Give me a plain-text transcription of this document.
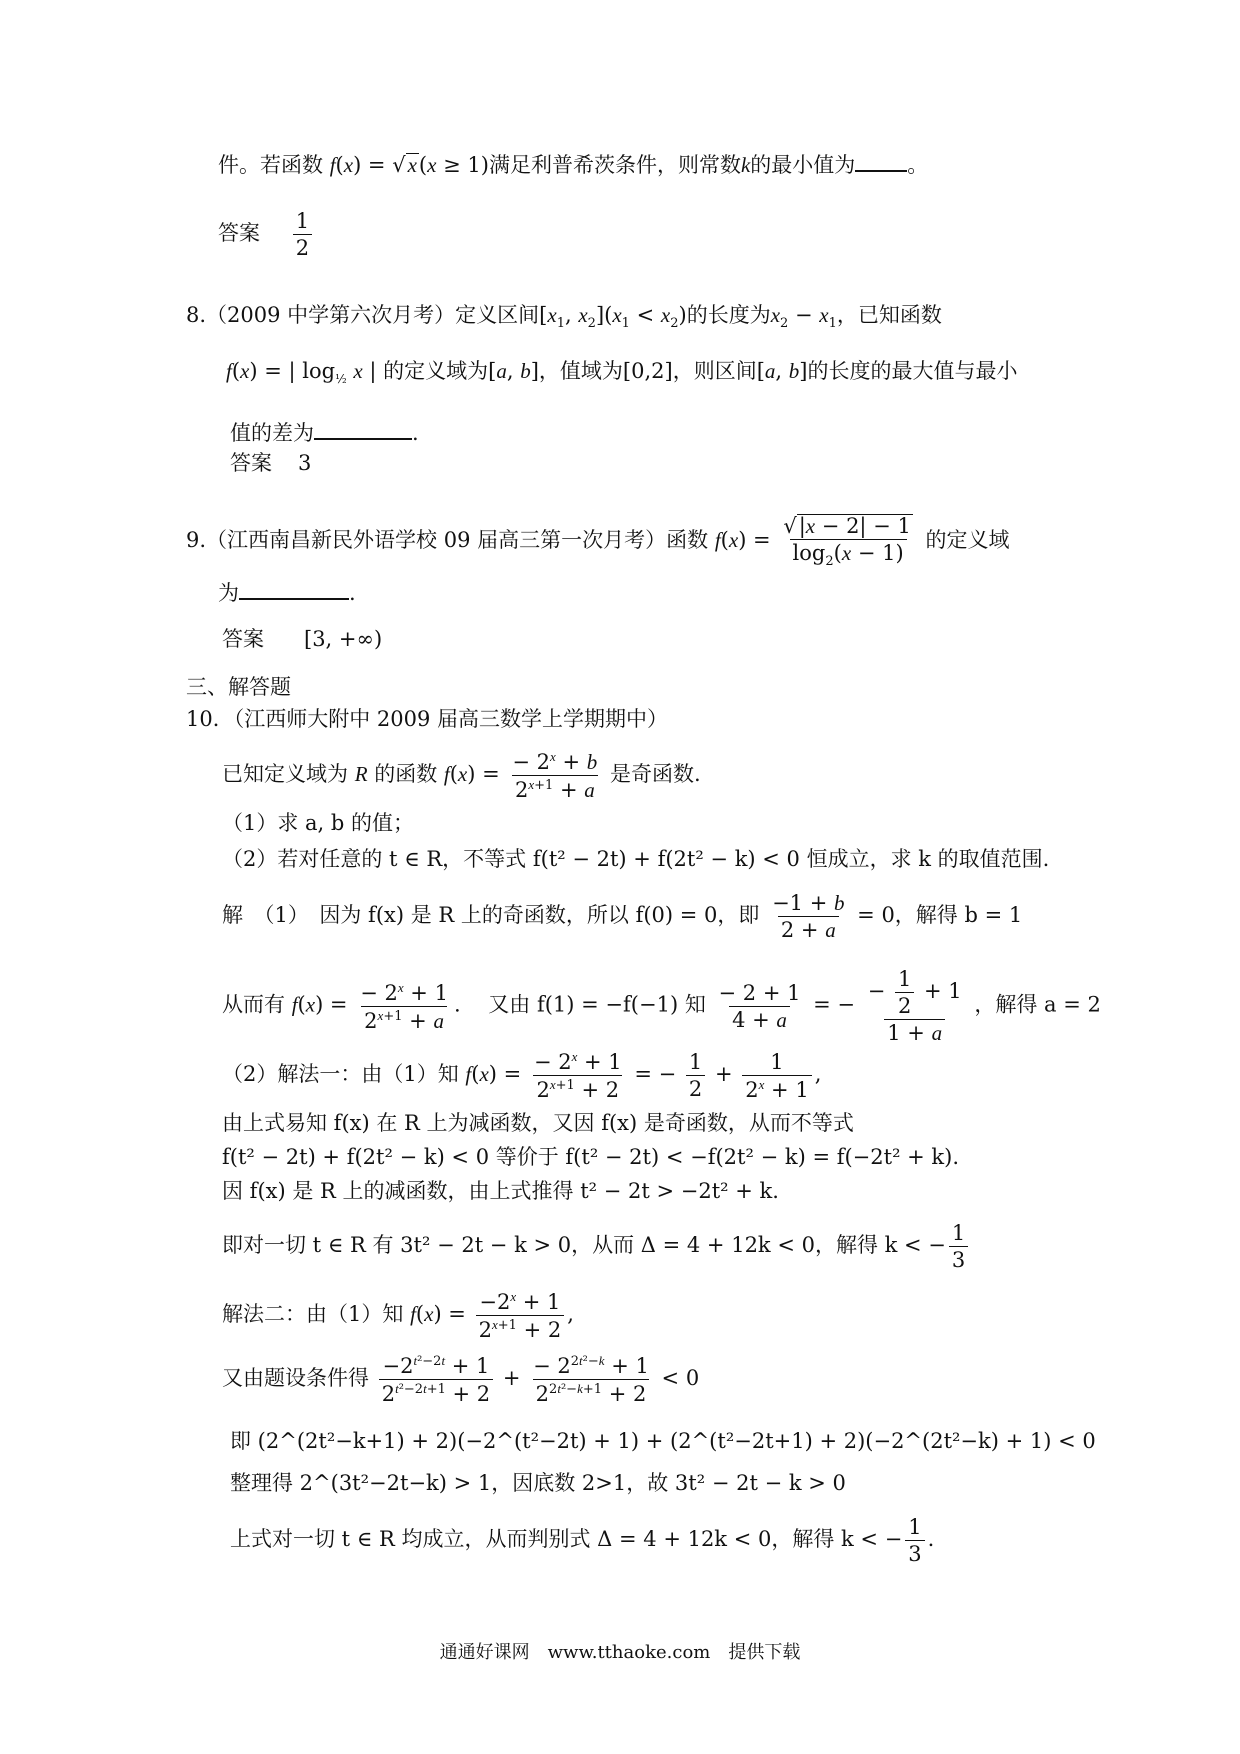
件。若函数 f(x) = √x(x ≥ 1)满足利普希茨条件，则常数k的最小值为 。
答案 $\frac{1}{2}$
8.（2009 中学第六次月考）定义区间[$x_1$, $x_2](x_1 < x_2)$的长度为$x_2 - x_1$，已知函数
f(x) = | $\log_{\frac{1}{2}} x$ | 的定义域为[a, b]，值域为[0,2]，则区间[a, b]的长度的最大值与最小
值的差为	.
答案 3
9.（江西南昌新民外语学校 09 届高三第一次月考）函数 $f(x) = \frac{√|x - 2| - 1}{\log_2(x - 1)}$ 的定义域
为	.
答案 [3, +∞)
三、解答题
10．（江西师大附中 2009 届高三数学上学期期中）
已知定义域为 R 的函数 $f(x) = \frac{- 2^x + b}{2^{x+1} + a}$ 是奇函数.
（1）求 a, b 的值；
（2）若对任意的 t ∈ R，不等式 f(t² − 2t) + f(2t² − k) < 0 恒成立，求 k 的取值范围.
解　（1）　 因为 f(x) 是 R 上的奇函数，所以 f(0) = 0，即 $\frac{-1 + b}{2 + a} = 0$，解得 b = 1
从而有 $f(x) = \frac{- 2^x + 1}{2^{x+1} + a}$ .　 又由 f(1) = −f(−1) 知 $\frac{- 2 + 1}{4 + a}$ = − $\frac{- \frac{1}{2} + 1}{1 + a}$ ，解得 a = 2
（2）解法一：由（1）知 $f(x) = \frac{- 2^x + 1}{2^{x+1} + 2}$ = − $\frac{1}{2} + \frac{1}{2^x + 1}$ ,
由上式易知 f(x) 在 R 上为减函数，又因 f(x) 是奇函数，从而不等式
f(t² − 2t) + f(2t² − k) < 0 等价于 f(t² − 2t) < −f(2t² − k) = f(−2t² + k).
因 f(x) 是 R 上的减函数，由上式推得 t² − 2t > −2t² + k.
即对一切 t ∈ R 有 3t² − 2t − k > 0，从而 Δ = 4 + 12k < 0，解得 k < − $\frac{1}{3}$
解法二：由（1）知 $f(x) = \frac{-2^x + 1}{2^{x+1} + 2}$ ,
又由题设条件得 $\frac{-2^{t^2-2t} + 1}{2^{t^2-2t+1} + 2} + \frac{- 2^{2t^2-k} + 1}{2^{2t^2-k+1} + 2} < 0$
即 (2^(2t²−k+1) + 2)(−2^(t²−2t) + 1) + (2^(t²−2t+1) + 2)(−2^(2t²−k) + 1) < 0
整理得 2^(3t²−2t−k) > 1，因底数 2>1，故 3t² − 2t − k > 0
上式对一切 t ∈ R 均成立，从而判别式 Δ = 4 + 12k < 0，解得 k < − $\frac{1}{3}$ .
通通好课网　www.tthaoke.com　提供下载
